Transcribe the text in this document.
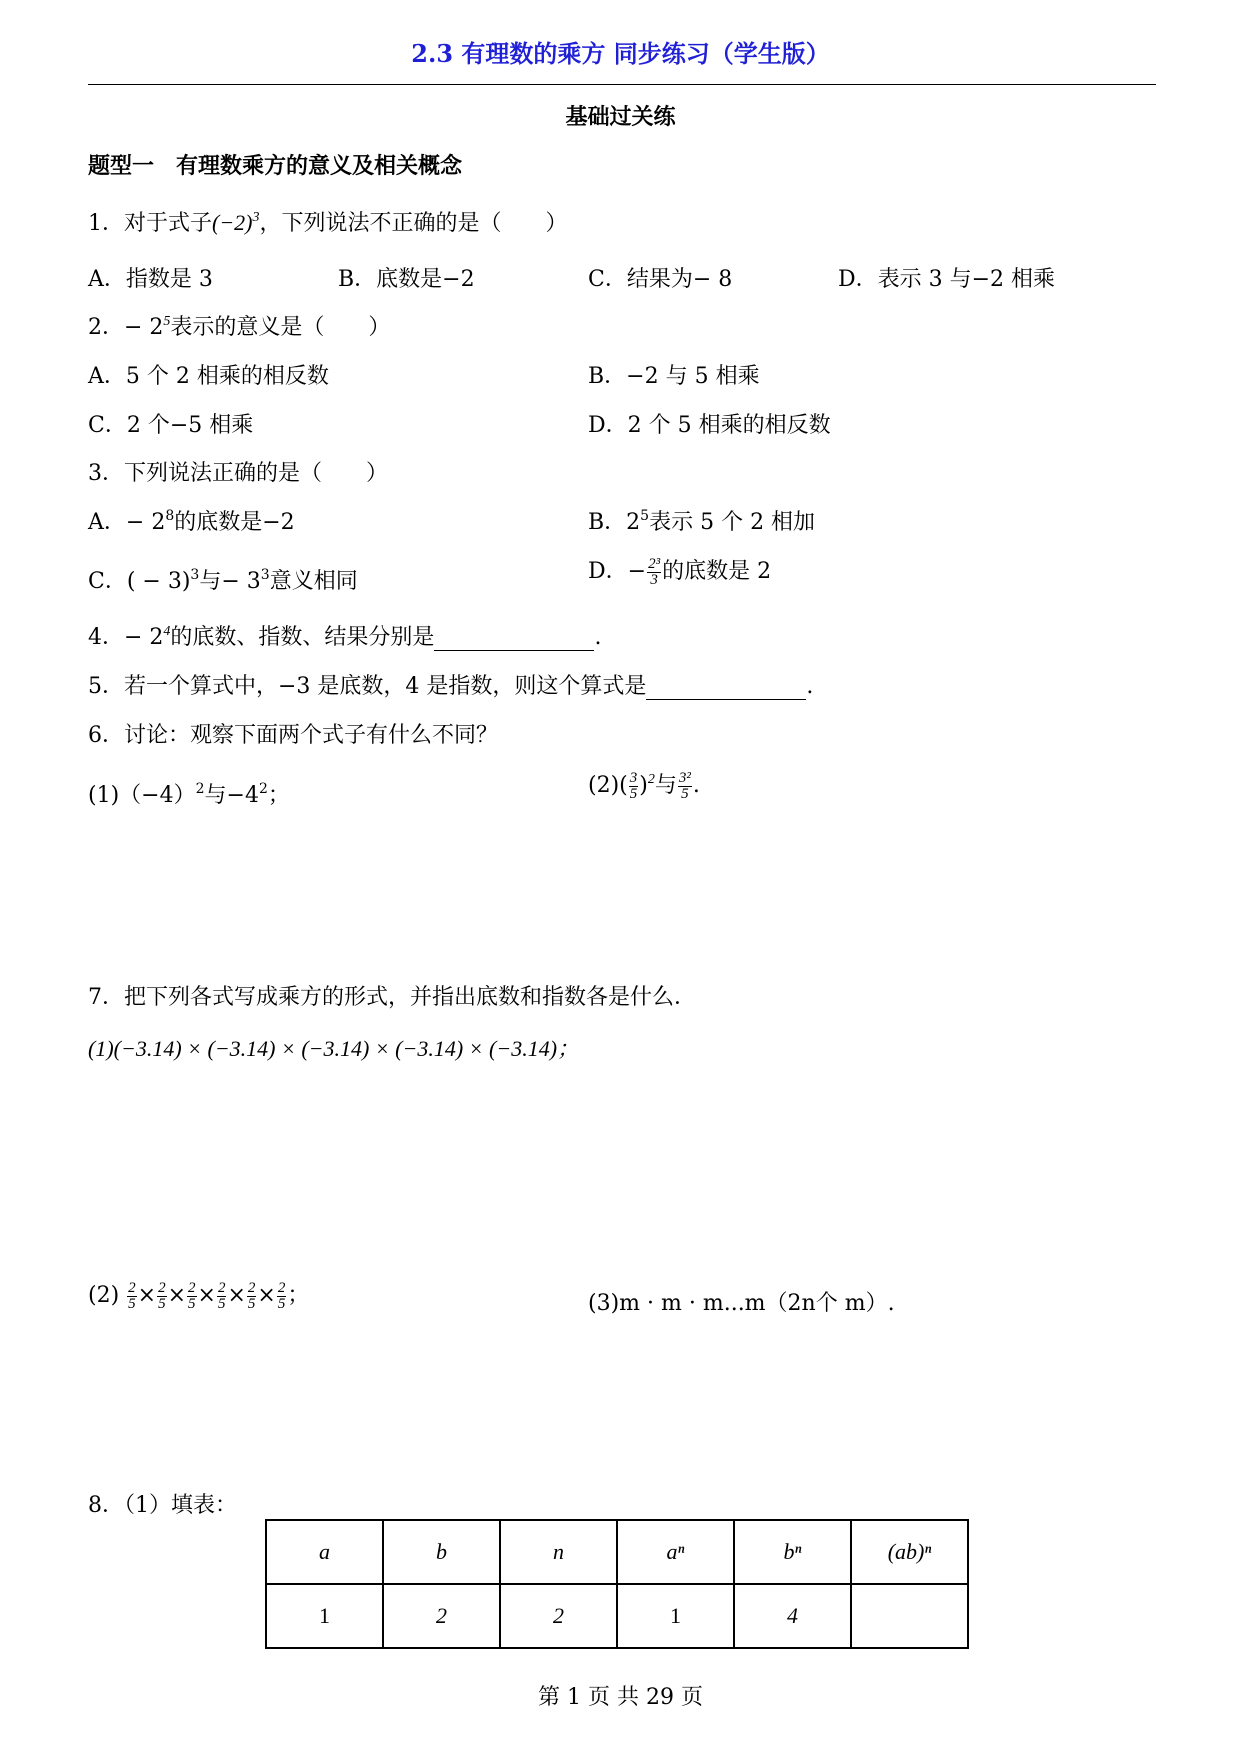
2.3 有理数的乘方 同步练习（学生版）
基础过关练
题型一　有理数乘方的意义及相关概念
1．对于式子$(-2)^3$，下列说法不正确的是（　　）
A．指数是 3	B．底数是−2	C．结果为− 8	D．表示 3 与−2 相乘
2．− $2^5$表示的意义是（　　）
A．5 个 2 相乘的相反数	B．−2 与 5 相乘
C．2 个−5 相乘	D．2 个 5 相乘的相反数
3．下列说法正确的是（　　）
A．− $2^8$的底数是−2	B．$2^5$表示 5 个 2 相加
C．( − 3)$^3$与− $3^3$意义相同	D．− $\frac{\text{2³}}{3}$ 的底数是 2
4．− $2^4$的底数、指数、结果分别是	.
5．若一个算式中，−3 是底数，4 是指数，则这个算式是	.
6．讨论：观察下面两个式子有什么不同？
$(1)(-4)^2$与$-4^2$；	$(2)( \frac{3}{5} )^2$与 $\frac{\text{3²}}{5}$ .
7．把下列各式写成乘方的形式，并指出底数和指数各是什么．
(1)(−3.14) × (−3.14) × (−3.14) × (−3.14) × (−3.14)；
$(2) \frac{2}{5} \times \frac{2}{5} \times \frac{2}{5} \times \frac{2}{5} \times \frac{2}{5} \times \frac{2}{5}$ ；	(3)m · m · m...m（2n个 m）.
8．（1）填表：
a	b	n	aⁿ	bⁿ	(ab)ⁿ
1	2	2	1	4	
第 1 页 共 29 页
